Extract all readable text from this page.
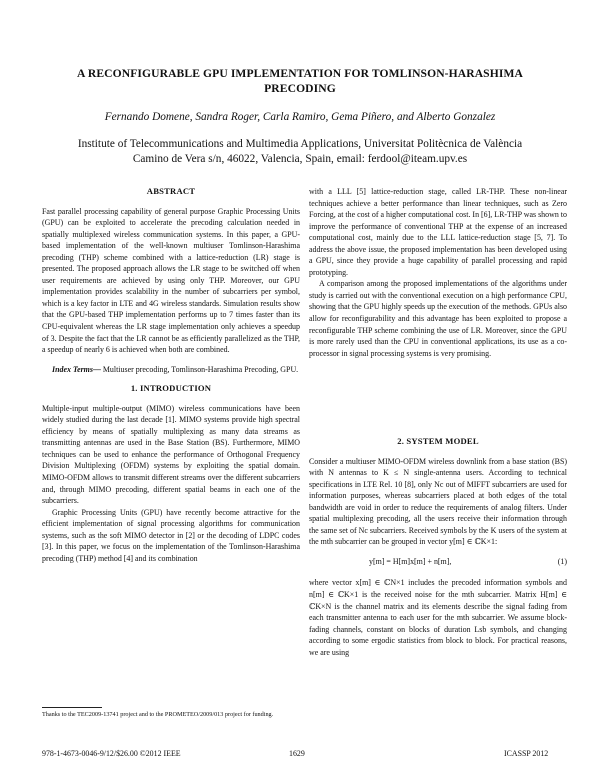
A RECONFIGURABLE GPU IMPLEMENTATION FOR TOMLINSON-HARASHIMA
PRECODING
Fernando Domene, Sandra Roger, Carla Ramiro, Gema Piñero, and Alberto Gonzalez
Institute of Telecommunications and Multimedia Applications, Universitat Politècnica de València
Camino de Vera s/n, 46022, Valencia, Spain, email: ferdool@iteam.upv.es
ABSTRACT

Fast parallel processing capability of general purpose Graphic Processing Units (GPU) can be exploited to accelerate the precoding calculation needed in spatially multiplexed wireless communication systems. In this paper, a GPU-based implementation of the well-known multiuser Tomlinson-Harashima precoding (THP) scheme combined with a lattice-reduction (LR) stage is presented. The proposed approach allows the LR stage to be switched off when user requirements are achieved by using only THP. Moreover, our GPU implementation provides scalability in the number of subcarriers per symbol, which is a key factor in LTE and 4G wireless standards. Simulation results show that the GPU-based THP implementation performs up to 7 times faster than its CPU-equivalent whereas the LR stage implementation only achieves a speedup of 3. Despite the fact that the LR cannot be as efficiently parallelized as the THP, a speedup of nearly 6 is achieved when both are combined.

Index Terms— Multiuser precoding, Tomlinson-Harashima Precoding, GPU.

1. INTRODUCTION

Multiple-input multiple-output (MIMO) wireless communications have been widely studied during the last decade [1]. MIMO systems provide high spectral efficiency by means of spatially multiplexing as many data streams as transmitting antennas are used in the Base Station (BS). Furthermore, MIMO techniques can be used to enhance the performance of Orthogonal Frequency Division Multiplexing (OFDM) systems by exploiting the spatial domain. MIMO-OFDM allows to transmit different streams over the different subcarriers and, through MIMO precoding, different spatial beams in each one of the subcarriers.

Graphic Processing Units (GPU) have recently become attractive for the efficient implementation of signal processing algorithms for communication systems, such as the soft MIMO detector in [2] or the decoding of LDPC codes [3]. In this paper, we focus on the implementation of the Tomlinson-Harashima precoding (THP) method [4] and its combination

with a LLL [5] lattice-reduction stage, called LR-THP. These non-linear techniques achieve a better performance than linear techniques, such as Zero Forcing, at the cost of a higher computational cost. In [6], LR-THP was shown to improve the performance of conventional THP at the expense of an increased computational cost, mainly due to the LLL lattice-reduction stage [5, 7]. To address the above issue, the proposed implementation has been developed using a GPU, since they provide a huge capability of parallel processing and rapid prototyping.

A comparison among the proposed implementations of the algorithms under study is carried out with the conventional execution on a high performance CPU, showing that the GPU highly speeds up the execution of the methods. GPUs also allow for reconfigurability and this advantage has been exploited to propose a reconfigurable THP scheme combining the use of LR. Moreover, since the GPU is more rarely used than the CPU in conventional applications, its use as a co-processor in signal processing systems is very promising.

2. SYSTEM MODEL

Consider a multiuser MIMO-OFDM wireless downlink from a base station (BS) with N antennas to K ≤ N single-antenna users. According to technical specifications in LTE Rel. 10 [8], only Nc out of MIFFT subcarriers are used for information purposes, whereas subcarriers placed at both edges of the total bandwidth are void in order to reduce the requirements of analog filters. Under spatial multiplexing precoding, all the users receive their information through the same set of Nc subcarriers. Received symbols by the K users of the system at the mth subcarrier can be grouped in vector y[m] ∈ ℂK×1:

y[m] = H[m]x[m] + n[m],	(1)

where vector x[m] ∈ ℂN×1 includes the precoded information symbols and n[m] ∈ ℂK×1 is the received noise for the mth subcarrier. Matrix H[m] ∈ ℂK×N is the channel matrix and its elements describe the signal fading from each transmitter antenna to each user for the mth subcarrier. We assume block-fading channels, constant on blocks of duration Lsb symbols, and changing according to some ergodic statistics from block to block. For practical reasons, we are using

Thanks to the TEC2009-13741 project and to the PROMETEO/2009/013 project for funding.
978-1-4673-0046-9/12/$26.00 ©2012 IEEE	1629	ICASSP 2012
